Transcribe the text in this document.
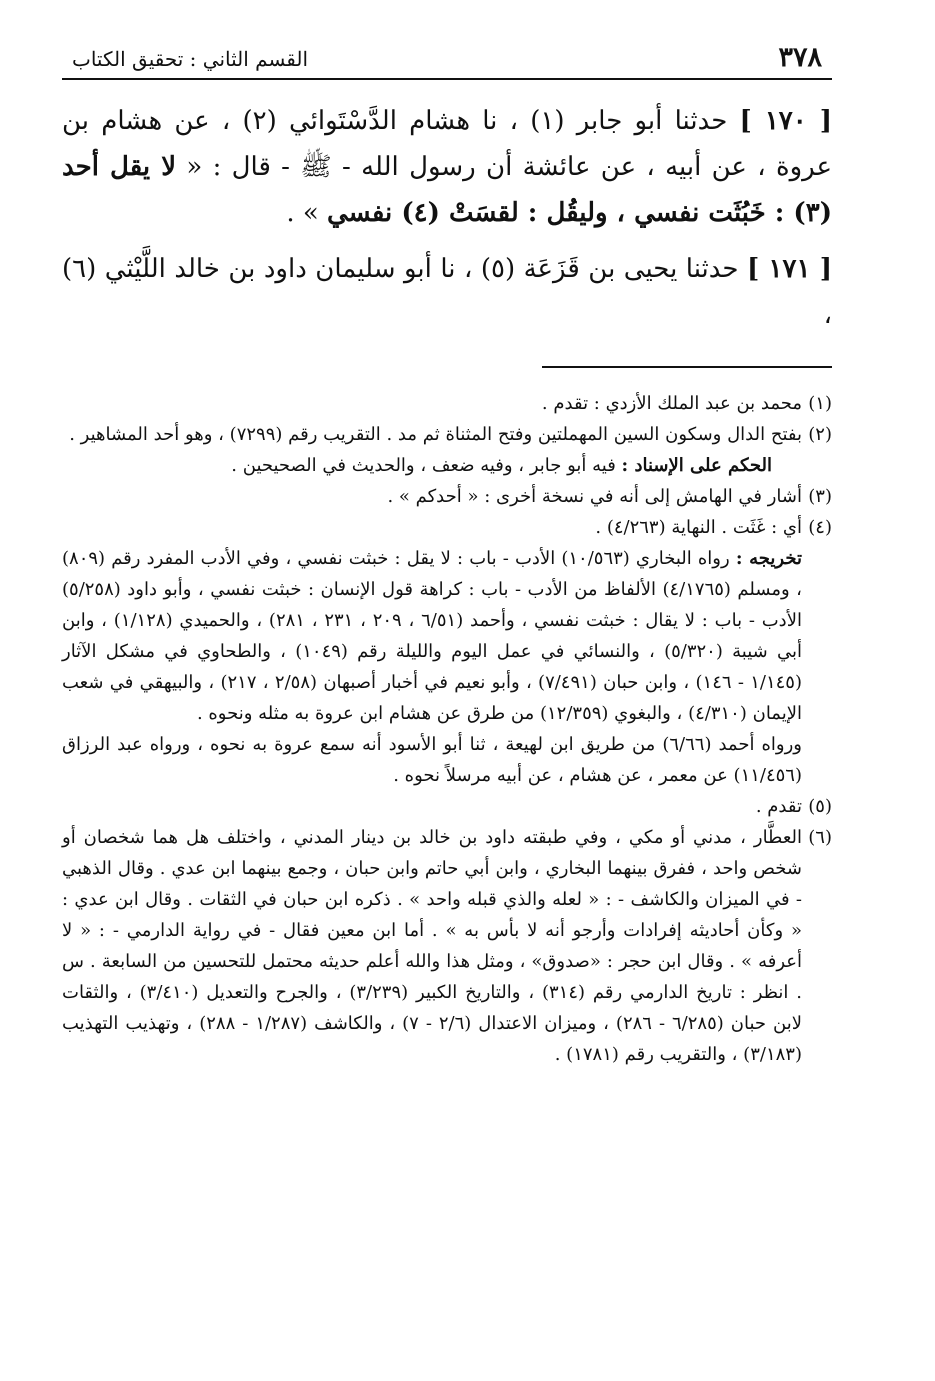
٣٧٨
القسم الثاني : تحقيق الكتاب

[ ١٧٠ ] حدثنا أبو جابر (١) ، نا هشام الدَّسْتَوائي (٢) ، عن هشام بن عروة ، عن أبيه ، عن عائشة أن رسول الله - ﷺ - قال : « لا يقل أحد (٣) : خَبُثَت نفسي ، وليقُل : لقسَتْ (٤) نفسي » .

[ ١٧١ ] حدثنا يحيى بن قَزَعَة (٥) ، نا أبو سليمان داود بن خالد اللَّيْثي (٦) ،

(١)
محمد بن عبد الملك الأزدي : تقدم .
(٢)
بفتح الدال وسكون السين المهملتين وفتح المثناة ثم مد . التقريب رقم (٧٢٩٩) ، وهو أحد المشاهير .
الحكم على الإسناد : فيه أبو جابر ، وفيه ضعف ، والحديث في الصحيحين .
(٣)
أشار في الهامش إلى أنه في نسخة أخرى : « أحدكم » .
(٤)
أي : غَثَت . النهاية (٤/٢٦٣) .
تخريجه : رواه البخاري (١٠/٥٦٣) الأدب - باب : لا يقل : خبثت نفسي ، وفي الأدب المفرد رقم (٨٠٩) ، ومسلم (٤/١٧٦٥) الألفاظ من الأدب - باب : كراهة قول الإنسان : خبثت نفسي ، وأبو داود (٥/٢٥٨) الأدب - باب : لا يقال : خبثت نفسي ، وأحمد (٦/٥١ ، ٢٠٩ ، ٢٣١ ، ٢٨١) ، والحميدي (١/١٢٨) ، وابن أبي شيبة (٥/٣٢٠) ، والنسائي في عمل اليوم والليلة رقم (١٠٤٩) ، والطحاوي في مشكل الآثار (١/١٤٥ - ١٤٦) ، وابن حبان (٧/٤٩١) ، وأبو نعيم في أخبار أصبهان (٢/٥٨ ، ٢١٧) ، والبيهقي في شعب الإيمان (٤/٣١٠) ، والبغوي (١٢/٣٥٩) من طرق عن هشام ابن عروة به مثله ونحوه .
ورواه أحمد (٦/٦٦) من طريق ابن لهيعة ، ثنا أبو الأسود أنه سمع عروة به نحوه ، ورواه عبد الرزاق (١١/٤٥٦) عن معمر ، عن هشام ، عن أبيه مرسلاً نحوه .
(٥)
تقدم .
(٦)
العطَّار ، مدني أو مكي ، وفي طبقته داود بن خالد بن دينار المدني ، واختلف هل هما شخصان أو شخص واحد ، ففرق بينهما البخاري ، وابن أبي حاتم وابن حبان ، وجمع بينهما ابن عدي . وقال الذهبي - في الميزان والكاشف - : « لعله والذي قبله واحد » . ذكره ابن حبان في الثقات . وقال ابن عدي : « وكأن أحاديثه إفرادات وأرجو أنه لا بأس به » . أما ابن معين فقال - في رواية الدارمي - : « لا أعرفه » . وقال ابن حجر : «صدوق» ، ومثل هذا والله أعلم حديثه محتمل للتحسين من السابعة . س . انظر : تاريخ الدارمي رقم (٣١٤) ، والتاريخ الكبير (٣/٢٣٩) ، والجرح والتعديل (٣/٤١٠) ، والثقات لابن حبان (٦/٢٨٥ - ٢٨٦) ، وميزان الاعتدال (٢/٦ - ٧) ، والكاشف (١/٢٨٧ - ٢٨٨) ، وتهذيب التهذيب (٣/١٨٣) ، والتقريب رقم (١٧٨١) .
